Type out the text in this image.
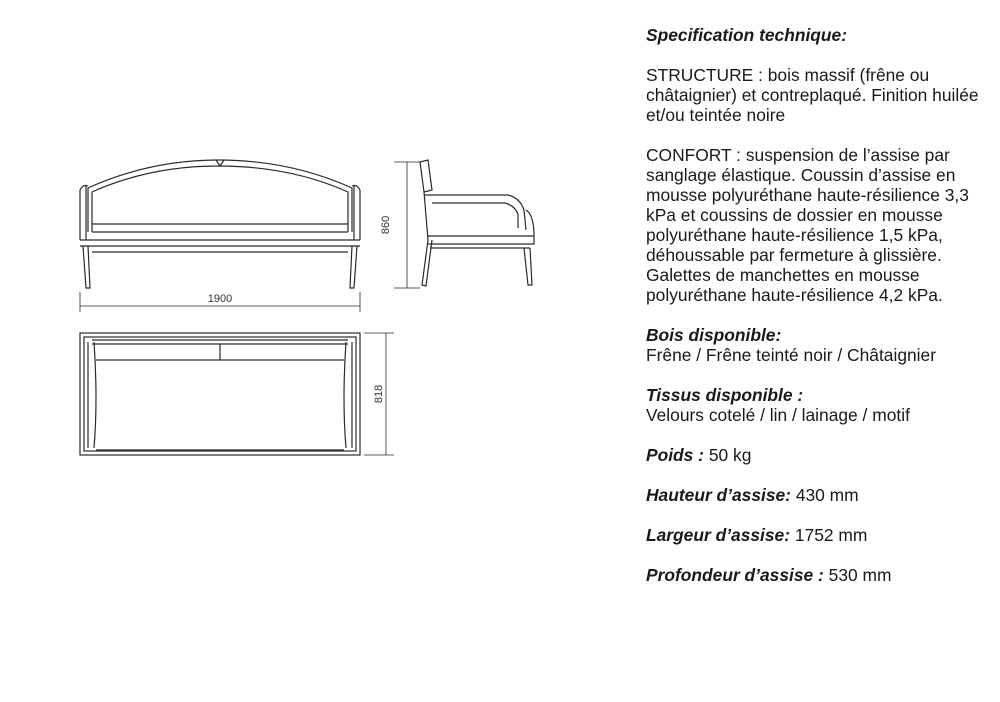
1900
860
818

Specification technique:

STRUCTURE : bois massif (frêne ou châtaignier) et contreplaqué. Finition huilée et/ou teintée noire

CONFORT : suspension de l’assise par sanglage élastique. Coussin d’assise en mousse polyuréthane haute-résilience 3,3 kPa et coussins de dossier en mousse polyuréthane haute-résilience 1,5 kPa, déhoussable par fermeture à glissière. Galettes de manchettes en mousse polyuréthane haute-résilience 4,2 kPa.

Bois disponible:
Frêne / Frêne teinté noir / Châtaignier

Tissus disponible :
Velours cotelé / lin / lainage / motif

Poids : 50 kg

Hauteur d’assise: 430 mm

Largeur d’assise: 1752 mm

Profondeur d’assise : 530 mm
